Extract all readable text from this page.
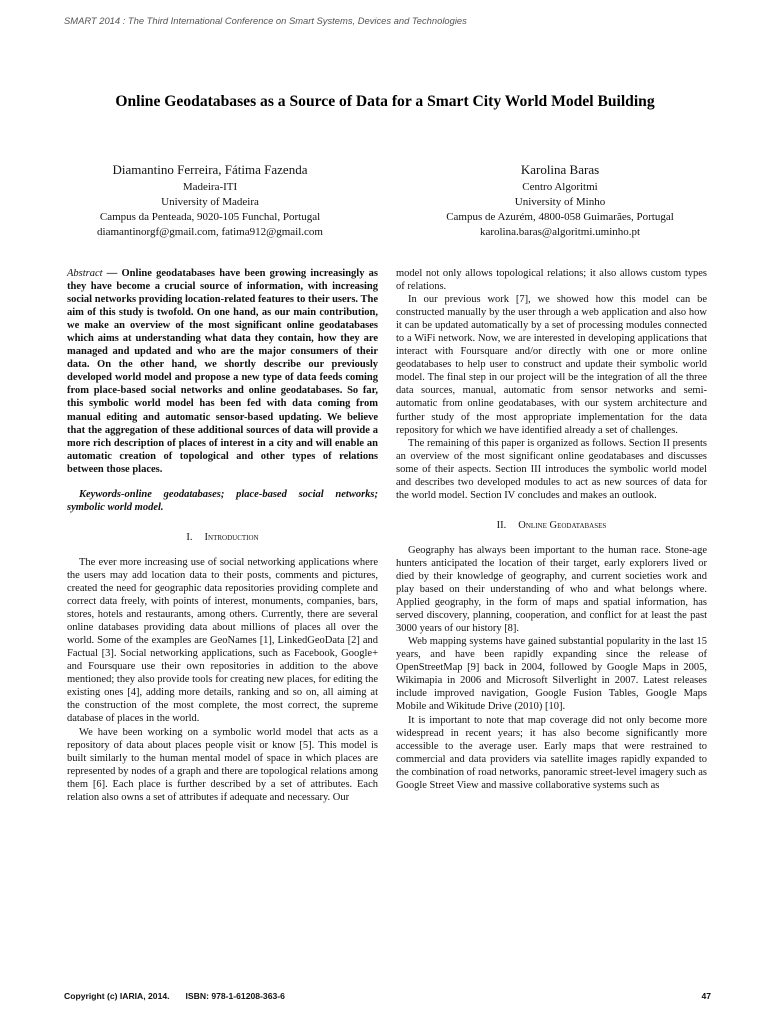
SMART 2014 : The Third International Conference on Smart Systems, Devices and Technologies
Online Geodatabases as a Source of Data for a Smart City World Model Building
Diamantino Ferreira, Fátima Fazenda
Madeira-ITI
University of Madeira
Campus da Penteada, 9020-105 Funchal, Portugal
diamantinorgf@gmail.com, fatima912@gmail.com
Karolina Baras
Centro Algoritmi
University of Minho
Campus de Azurém, 4800-058 Guimarães, Portugal
karolina.baras@algoritmi.uminho.pt

Abstract — Online geodatabases have been growing increasingly as they have become a crucial source of information, with increasing social networks providing location-related features to their users. The aim of this study is twofold. On one hand, as our main contribution, we make an overview of the most significant online geodatabases which aims at understanding what data they contain, how they are managed and updated and who are the major consumers of their data. On the other hand, we shortly describe our previously developed world model and propose a new type of data feeds coming from place-based social networks and online geodatabases. So far, this symbolic world model has been fed with data coming from manual editing and automatic sensor-based updating. We believe that the aggregation of these additional sources of data will provide a more rich description of places of interest in a city and will enable an automatic creation of topological and other types of relations between those places.

Keywords-online geodatabases; place-based social networks; symbolic world model.

I. Introduction

The ever more increasing use of social networking applications where the users may add location data to their posts, comments and pictures, created the need for geographic data repositories providing complete and correct data freely, with points of interest, monuments, companies, bars, stores, hotels and restaurants, among others. Currently, there are several online databases providing data about millions of places all over the world. Some of the examples are GeoNames [1], LinkedGeoData [2] and Factual [3]. Social networking applications, such as Facebook, Google+ and Foursquare use their own repositories in addition to the above mentioned; they also provide tools for creating new places, for editing the existing ones [4], adding more details, ranking and so on, all aiming at the construction of the most complete, the most correct, the supreme database of places in the world.

We have been working on a symbolic world model that acts as a repository of data about places people visit or know [5]. This model is built similarly to the human mental model of space in which places are represented by nodes of a graph and there are topological relations among them [6]. Each place is further described by a set of attributes. Each relation also owns a set of attributes if adequate and necessary. Our

model not only allows topological relations; it also allows custom types of relations.

In our previous work [7], we showed how this model can be constructed manually by the user through a web application and also how it can be updated automatically by a set of processing modules connected to a WiFi network. Now, we are interested in developing applications that interact with Foursquare and/or directly with one or more online geodatabases to help user to construct and update their symbolic world model. The final step in our project will be the integration of all the three data sources, manual, automatic from sensor networks and semi-automatic from online geodatabases, with our system architecture and further study of the most appropriate implementation for the data repository for which we have identified already a set of challenges.

The remaining of this paper is organized as follows. Section II presents an overview of the most significant online geodatabases and discusses some of their aspects. Section III introduces the symbolic world model and describes two developed modules to act as new sources of data for the world model. Section IV concludes and makes an outlook.

II. Online Geodatabases

Geography has always been important to the human race. Stone-age hunters anticipated the location of their target, early explorers lived or died by their knowledge of geography, and current societies work and play based on their understanding of who and what belongs where. Applied geography, in the form of maps and spatial information, has served discovery, planning, cooperation, and conflict for at least the past 3000 years of our history [8].

Web mapping systems have gained substantial popularity in the last 15 years, and have been rapidly expanding since the release of OpenStreetMap [9] back in 2004, followed by Google Maps in 2005, Wikimapia in 2006 and Microsoft Silverlight in 2007. Latest releases include improved navigation, Google Fusion Tables, Google Maps Mobile and Wikitude Drive (2010) [10].

It is important to note that map coverage did not only become more widespread in recent years; it has also become significantly more accessible to the average user. Early maps that were restrained to commercial and data providers via satellite images rapidly expanded to the combination of road networks, panoramic street-level imagery such as Google Street View and massive collaborative systems such as

Copyright (c) IARIA, 2014. ISBN: 978-1-61208-363-6	47
